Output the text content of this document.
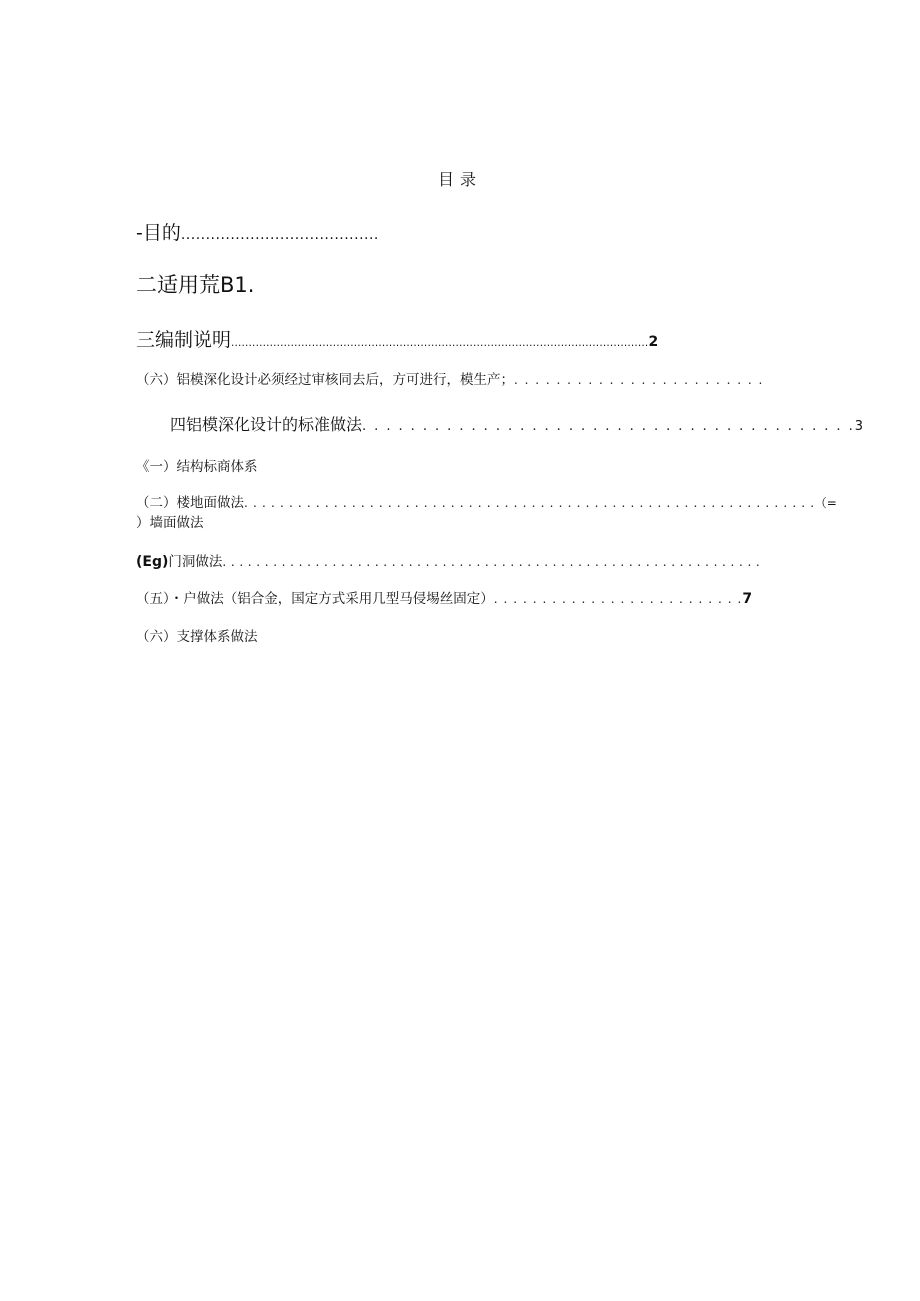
目录
-目的........................................
二适用荒B1.
三编制说明.......................................................................................................................2
（六）铝模深化设计必须经过审核同去后，方可进行，模生产；. . . . . . . . . . . . . . . . . . . . . . . .
四铝模深化设计的标准做法. . . . . . . . . . . . . . . . . . . . . . . . . . . . . . . . . . . . . . . . .3
《一）结构标商体系
（二）楼地面做法. . . . . . . . . . . . . . . . . . . . . . . . . . . . . . . . . . . . . . . . . . . . . . . . . . . . . . . . . . . . . . . .（=
）墙面做法
(Eg)门洞做法. . . . . . . . . . . . . . . . . . . . . . . . . . . . . . . . . . . . . . . . . . . . . . . . . . . . . . . . . . . . . . . .
（五）・户做法（铝合金，国定方式采用几型马侵埸丝固定）. . . . . . . . . . . . . . . . . . . . . . . . . .7
（六）支撑体系做法
